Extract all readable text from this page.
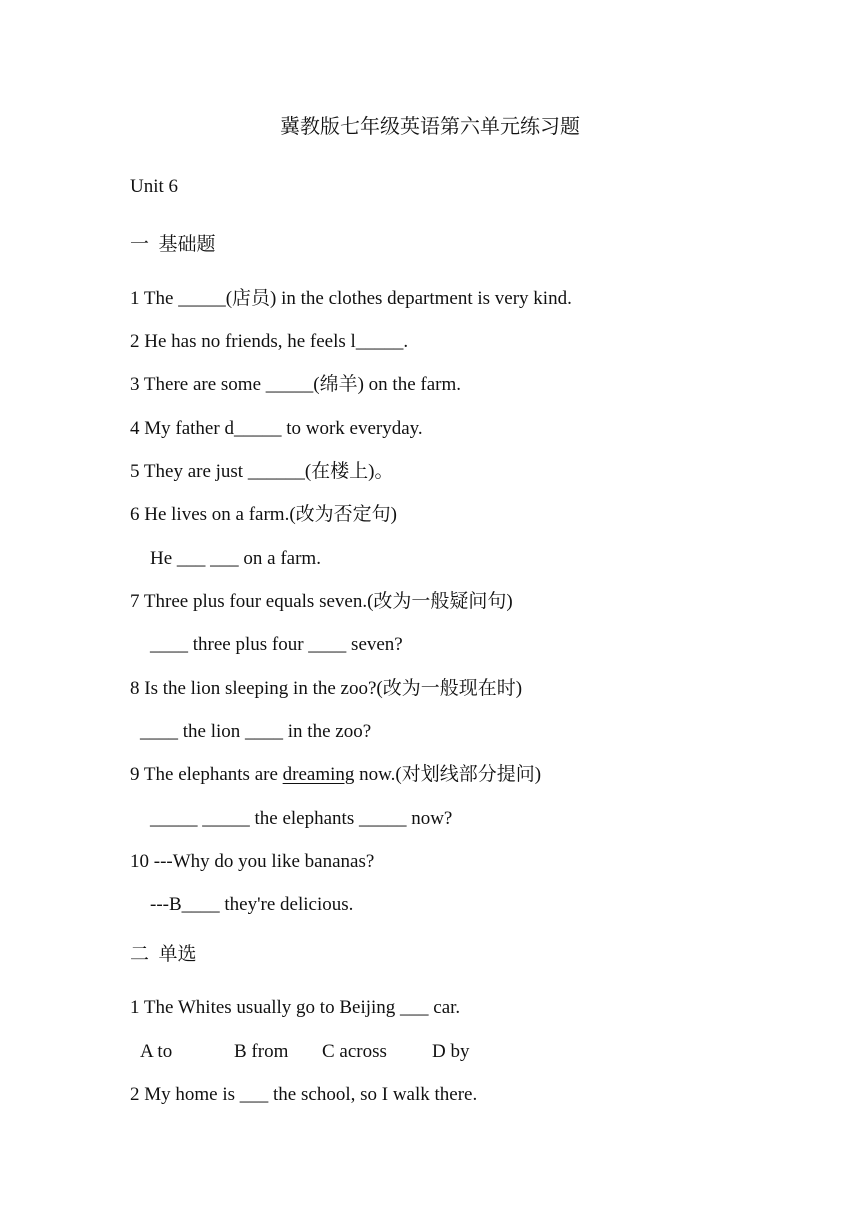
冀教版七年级英语第六单元练习题
Unit 6
一  基础题
1 The _____(店员) in the clothes department is very kind.
2 He has no friends, he feels l_____.
3 There are some _____(绵羊) on the farm.
4 My father d_____ to work everyday.
5 They are just ______(在楼上)。
6 He lives on a farm.(改为否定句)
He ___ ___ on a farm.
7 Three plus four equals seven.(改为一般疑问句)
____ three plus four ____ seven?
8 Is the lion sleeping in the zoo?(改为一般现在时)
____ the lion ____ in the zoo?
9 The elephants are dreaming now.(对划线部分提问)
_____ _____ the elephants _____ now?
10 ---Why do you like bananas?
---B____ they're delicious.
二  单选
1 The Whites usually go to Beijing ___ car.
A to	B from C across D by
2 My home is ___ the school, so I walk there.
